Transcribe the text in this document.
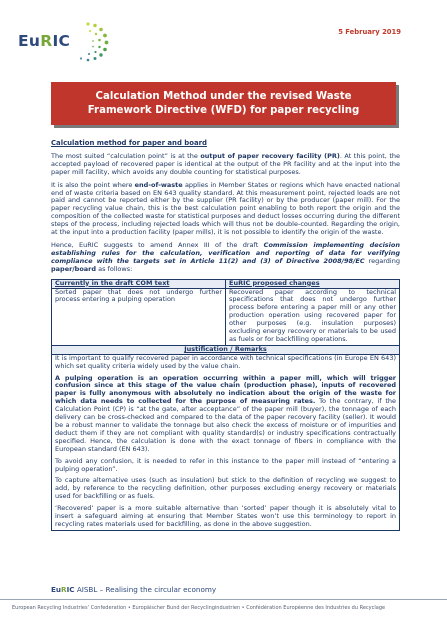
EuRIC	5 February 2019
Calculation Method under the revised Waste Framework Directive (WFD) for paper recycling
Calculation method for paper and board

The most suited “calculation point” is at the output of paper recovery facility (PR). At this point, the accepted payload of recovered paper is identical at the output of the PR facility and at the input into the paper mill facility, which avoids any double counting for statistical purposes.

It is also the point where end-of-waste applies in Member States or regions which have enacted national end of waste criteria based on EN 643 quality standard. At this measurement point, rejected loads are not paid and cannot be reported either by the supplier (PR facility) or by the producer (paper mill). For the paper recycling value chain, this is the best calculation point enabling to both report the origin and the composition of the collected waste for statistical purposes and deduct losses occurring during the different steps of the process, including rejected loads which will thus not be double-counted. Regarding the origin, at the input into a production facility (paper mills), it is not possible to identify the origin of the waste.

Hence, EuRIC suggests to amend Annex III of the draft Commission implementing decision establishing rules for the calculation, verification and reporting of data for verifying compliance with the targets set in Article 11(2) and (3) of Directive 2008/98/EC regarding paper/board as follows:

Currently in the draft COM text	EuRIC proposed changes

Sorted paper that does not undergo further process entering a pulping operation	Recovered paper according to technical specifications that does not undergo further process before entering a paper mill or any other production operation using recovered paper for other purposes (e.g. insulation purposes) excluding energy recovery or materials to be used as fuels or for backfilling operations.

Justification / Remarks	

It is important to qualify recovered paper in accordance with technical specifications (in Europe EN 643) which set quality criteria widely used by the value chain.

A pulping operation is an operation occurring within a paper mill, which will trigger confusion since at this stage of the value chain (production phase), inputs of recovered paper is fully anonymous with absolutely no indication about the origin of the waste for which data needs to collected for the purpose of measuring rates. To the contrary, if the Calculation Point (CP) is “at the gate, after acceptance” of the paper mill (buyer), the tonnage of each delivery can be cross-checked and compared to the data of the paper recovery facility (seller). It would be a robust manner to validate the tonnage but also check the excess of moisture or of impurities and deduct them if they are not compliant with quality standard(s) or industry specifications contractually specified. Hence, the calculation is done with the exact tonnage of fibers in compliance with the European standard (EN 643).

To avoid any confusion, it is needed to refer in this instance to the paper mill instead of “entering a pulping operation”.

To capture alternative uses (such as insulation) but stick to the definition of recycling we suggest to add, by reference to the recycling definition, other purposes excluding energy recovery or materials used for backfilling or as fuels.

‘Recovered’ paper is a more suitable alternative than ‘sorted’ paper though it is absolutely vital to insert a safeguard aiming at ensuring that Member States won’t use this terminology to report in recycling rates materials used for backfilling, as done in the above suggestion.	

EuRIC AISBL – Realising the circular economy
European Recycling Industries’ Confederation • Europäischer Bund der Recyclingindustrien • Confédération Européenne des Industries du Recyclage
